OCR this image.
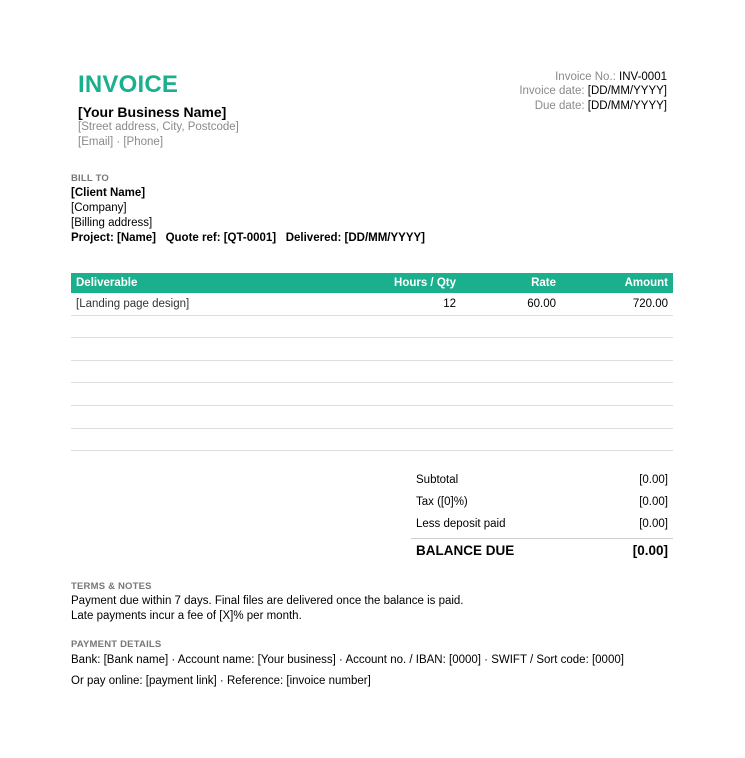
INVOICE
[Your Business Name]
[Street address, City, Postcode]
[Email] · [Phone]
Invoice No.: INV-0001
Invoice date: [DD/MM/YYYY]
Due date: [DD/MM/YYYY]
BILL TO
[Client Name]
[Company]
[Billing address]
Project: [Name]   Quote ref: [QT-0001]   Delivered: [DD/MM/YYYY]
Deliverable	Hours / Qty	Rate	Amount
[Landing page design]	12	60.00	720.00

Subtotal	[0.00]
Tax ([0]%)	[0.00]
Less deposit paid	[0.00]
BALANCE DUE	[0.00]
TERMS & NOTES
Payment due within 7 days. Final files are delivered once the balance is paid.
Late payments incur a fee of [X]% per month.
PAYMENT DETAILS
Bank: [Bank name] · Account name: [Your business] · Account no. / IBAN: [0000] · SWIFT / Sort code: [0000]
Or pay online: [payment link] · Reference: [invoice number]
